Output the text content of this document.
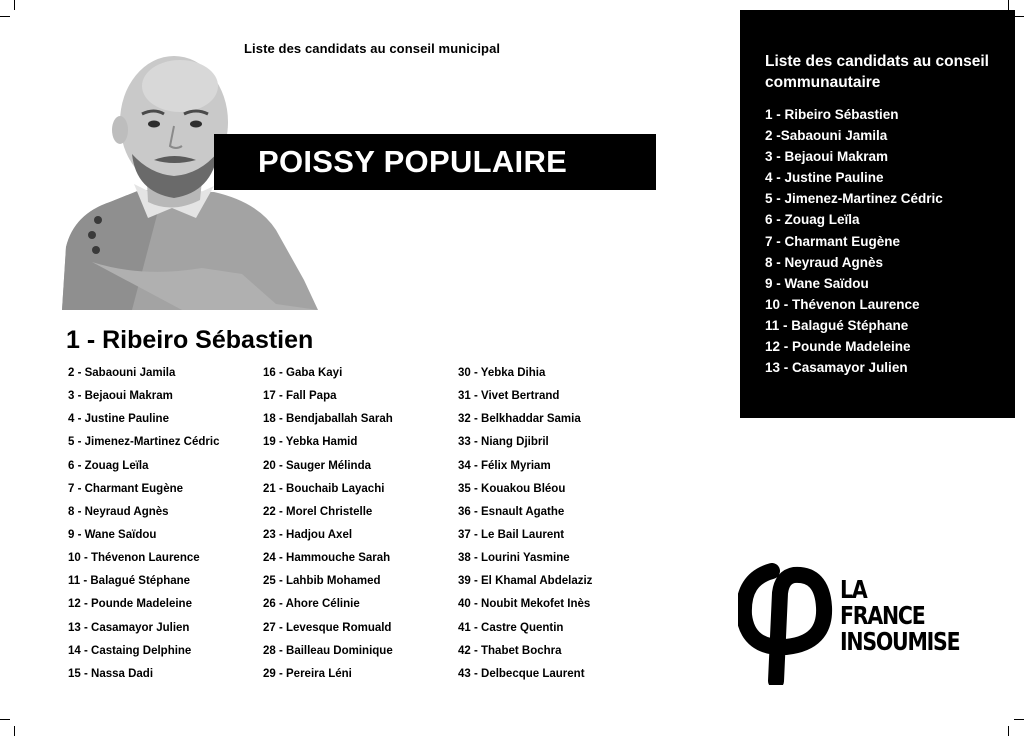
Liste des candidats au conseil municipal
POISSY POPULAIRE
1 - Ribeiro Sébastien
2 - Sabaouni Jamila
3 - Bejaoui Makram
4 - Justine Pauline
5 - Jimenez-Martinez Cédric
6 - Zouag Leïla
7 - Charmant Eugène
8 - Neyraud Agnès
9 - Wane Saïdou
10 - Thévenon Laurence
11 - Balagué Stéphane
12 - Pounde Madeleine
13 - Casamayor Julien
14 - Castaing Delphine
15 - Nassa Dadi
16 - Gaba Kayi
17 - Fall Papa
18 - Bendjaballah Sarah
19 - Yebka Hamid
20 - Sauger Mélinda
21 - Bouchaib Layachi
22 - Morel Christelle
23 - Hadjou Axel
24 - Hammouche Sarah
25 - Lahbib Mohamed
26 - Ahore Célinie
27 - Levesque Romuald
28 - Bailleau Dominique
29 - Pereira Léni
30 - Yebka Dihia
31 - Vivet Bertrand
32 - Belkhaddar Samia
33 - Niang Djibril
34 - Félix Myriam
35 - Kouakou Bléou
36 - Esnault Agathe
37 - Le Bail Laurent
38 - Lourini Yasmine
39 - El Khamal Abdelaziz
40 - Noubit Mekofet Inès
41 - Castre Quentin
42 - Thabet Bochra
43 - Delbecque Laurent
Liste des candidats au conseil communautaire
1 - Ribeiro Sébastien
2 -Sabaouni Jamila
3 - Bejaoui Makram
4 - Justine Pauline
5 - Jimenez-Martinez Cédric
6 - Zouag Leïla
7 - Charmant Eugène
8 - Neyraud Agnès
9 - Wane Saïdou
10 - Thévenon Laurence
11 - Balagué Stéphane
12 - Pounde Madeleine
13 - Casamayor Julien
LA
FRANCE
INSOUMISE
